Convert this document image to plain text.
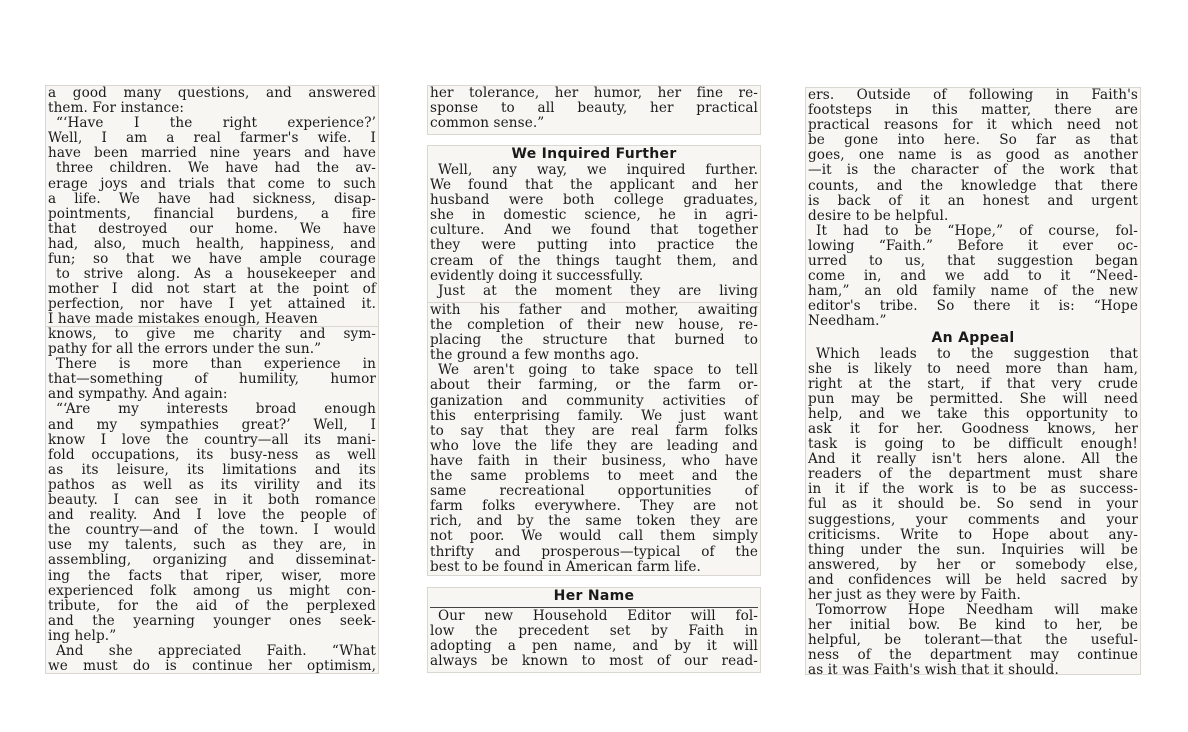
a good many questions, and answered
them. For instance:
“‘Have I the right experience?’
Well, I am a real farmer's wife. I
have been married nine years and have
three children. We have had the av-
erage joys and trials that come to such
a life. We have had sickness, disap-
pointments, financial burdens, a fire
that destroyed our home. We have
had, also, much health, happiness, and
fun; so that we have ample courage
to strive along. As a housekeeper and
mother I did not start at the point of
perfection, nor have I yet attained it.
I have made mistakes enough, Heaven
knows, to give me charity and sym-
pathy for all the errors under the sun.”
There is more than experience in
that—something of humility, humor
and sympathy. And again:
“‘Are my interests broad enough
and my sympathies great?’ Well, I
know I love the country—all its mani-
fold occupations, its busy-ness as well
as its leisure, its limitations and its
pathos as well as its virility and its
beauty. I can see in it both romance
and reality. And I love the people of
the country—and of the town. I would
use my talents, such as they are, in
assembling, organizing and disseminat-
ing the facts that riper, wiser, more
experienced folk among us might con-
tribute, for the aid of the perplexed
and the yearning younger ones seek-
ing help.”
And she appreciated Faith. “What
we must do is continue her optimism,
her tolerance, her humor, her fine re-
sponse to all beauty, her practical
common sense.”
We Inquired Further
Well, any way, we inquired further.
We found that the applicant and her
husband were both college graduates,
she in domestic science, he in agri-
culture. And we found that together
they were putting into practice the
cream of the things taught them, and
evidently doing it successfully.
Just at the moment they are living
with his father and mother, awaiting
the completion of their new house, re-
placing the structure that burned to
the ground a few months ago.
We aren't going to take space to tell
about their farming, or the farm or-
ganization and community activities of
this enterprising family. We just want
to say that they are real farm folks
who love the life they are leading and
have faith in their business, who have
the same problems to meet and the
same recreational opportunities of
farm folks everywhere. They are not
rich, and by the same token they are
not poor. We would call them simply
thrifty and prosperous—typical of the
best to be found in American farm life.
Her Name
Our new Household Editor will fol-
low the precedent set by Faith in
adopting a pen name, and by it will
always be known to most of our read-
ers. Outside of following in Faith's
footsteps in this matter, there are
practical reasons for it which need not
be gone into here. So far as that
goes, one name is as good as another
—it is the character of the work that
counts, and the knowledge that there
is back of it an honest and urgent
desire to be helpful.
It had to be “Hope,” of course, fol-
lowing “Faith.” Before it ever oc-
urred to us, that suggestion began
come in, and we add to it “Need-
ham,” an old family name of the new
editor's tribe. So there it is: “Hope
Needham.”
An Appeal
Which leads to the suggestion that
she is likely to need more than ham,
right at the start, if that very crude
pun may be permitted. She will need
help, and we take this opportunity to
ask it for her. Goodness knows, her
task is going to be difficult enough!
And it really isn't hers alone. All the
readers of the department must share
in it if the work is to be as success-
ful as it should be. So send in your
suggestions, your comments and your
criticisms. Write to Hope about any-
thing under the sun. Inquiries will be
answered, by her or somebody else,
and confidences will be held sacred by
her just as they were by Faith.
Tomorrow Hope Needham will make
her initial bow. Be kind to her, be
helpful, be tolerant—that the useful-
ness of the department may continue
as it was Faith's wish that it should.
